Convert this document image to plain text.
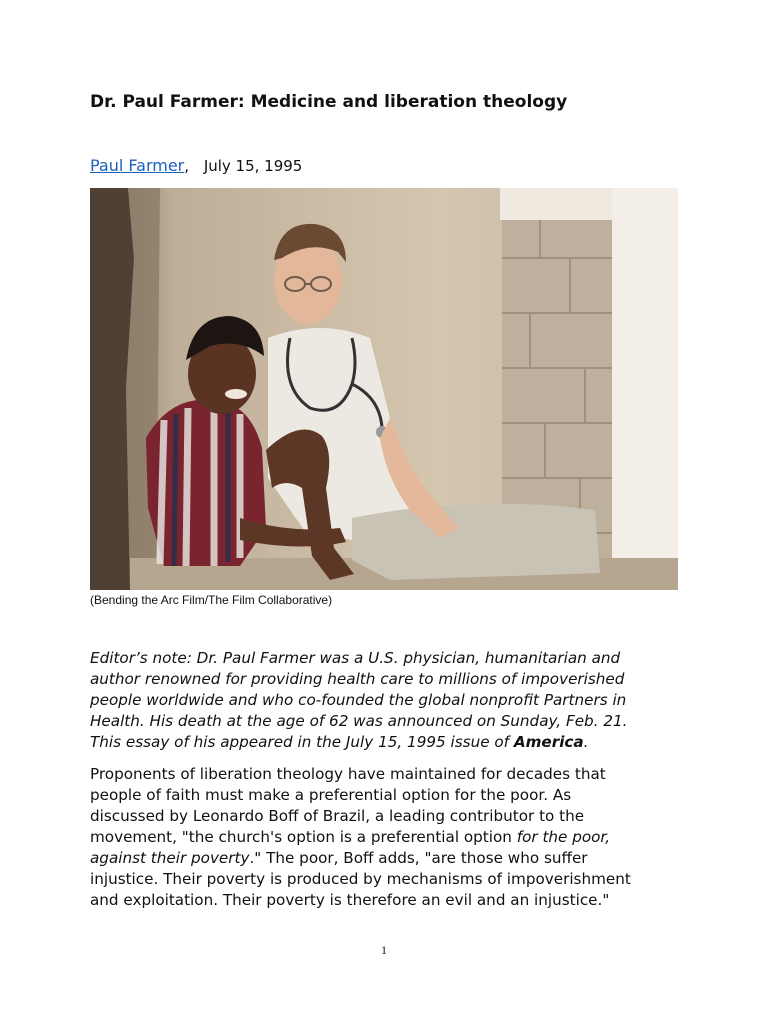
Dr. Paul Farmer: Medicine and liberation theology
Paul Farmer, July 15, 1995
(Bending the Arc Film/The Film Collaborative)

Editor’s note: Dr. Paul Farmer was a U.S. physician, humanitarian and
author renowned for providing health care to millions of impoverished
people worldwide and who co-founded the global nonprofit Partners in
Health. His death at the age of 62 was announced on Sunday, Feb. 21.
This essay of his appeared in the July 15, 1995 issue of America.

Proponents of liberation theology have maintained for decades that
people of faith must make a preferential option for the poor. As
discussed by Leonardo Boff of Brazil, a leading contributor to the
movement, "the church's option is a preferential option for the poor,
against their poverty." The poor, Boff adds, "are those who suffer
injustice. Their poverty is produced by mechanisms of impoverishment
and exploitation. Their poverty is therefore an evil and an injustice."

1
